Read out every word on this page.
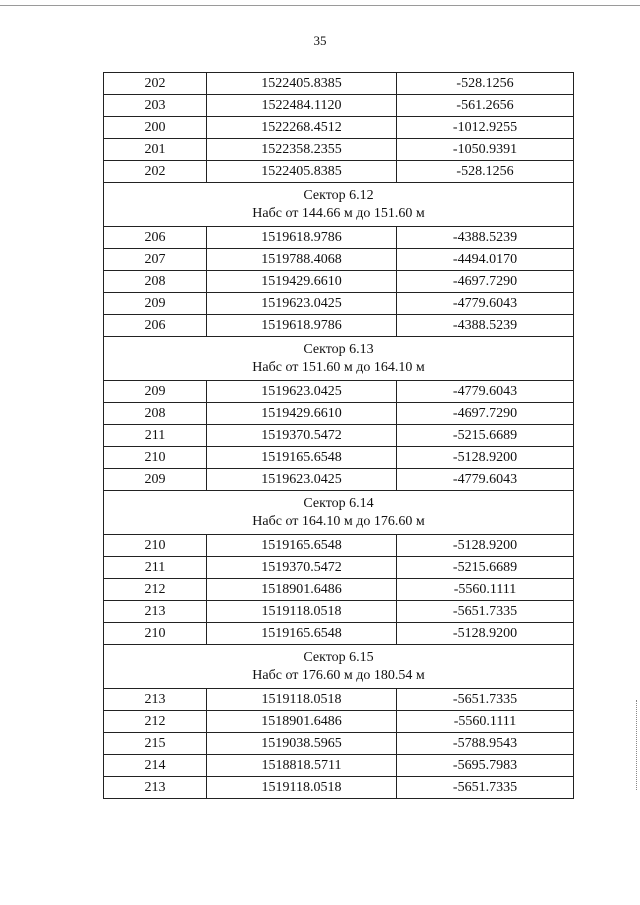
35
202	1522405.8385	-528.1256
203	1522484.1120	-561.2656
200	1522268.4512	-1012.9255
201	1522358.2355	-1050.9391
202	1522405.8385	-528.1256

Сектор 6.12
Набс от 144.66 м до 151.60 м		

206	1519618.9786	-4388.5239
207	1519788.4068	-4494.0170
208	1519429.6610	-4697.7290
209	1519623.0425	-4779.6043
206	1519618.9786	-4388.5239

Сектор 6.13
Набс от 151.60 м до 164.10 м		

209	1519623.0425	-4779.6043
208	1519429.6610	-4697.7290
211	1519370.5472	-5215.6689
210	1519165.6548	-5128.9200
209	1519623.0425	-4779.6043

Сектор 6.14
Набс от 164.10 м до 176.60 м		

210	1519165.6548	-5128.9200
211	1519370.5472	-5215.6689
212	1518901.6486	-5560.1111
213	1519118.0518	-5651.7335
210	1519165.6548	-5128.9200

Сектор 6.15
Набс от 176.60 м до 180.54 м		

213	1519118.0518	-5651.7335
212	1518901.6486	-5560.1111
215	1519038.5965	-5788.9543
214	1518818.5711	-5695.7983
213	1519118.0518	-5651.7335
